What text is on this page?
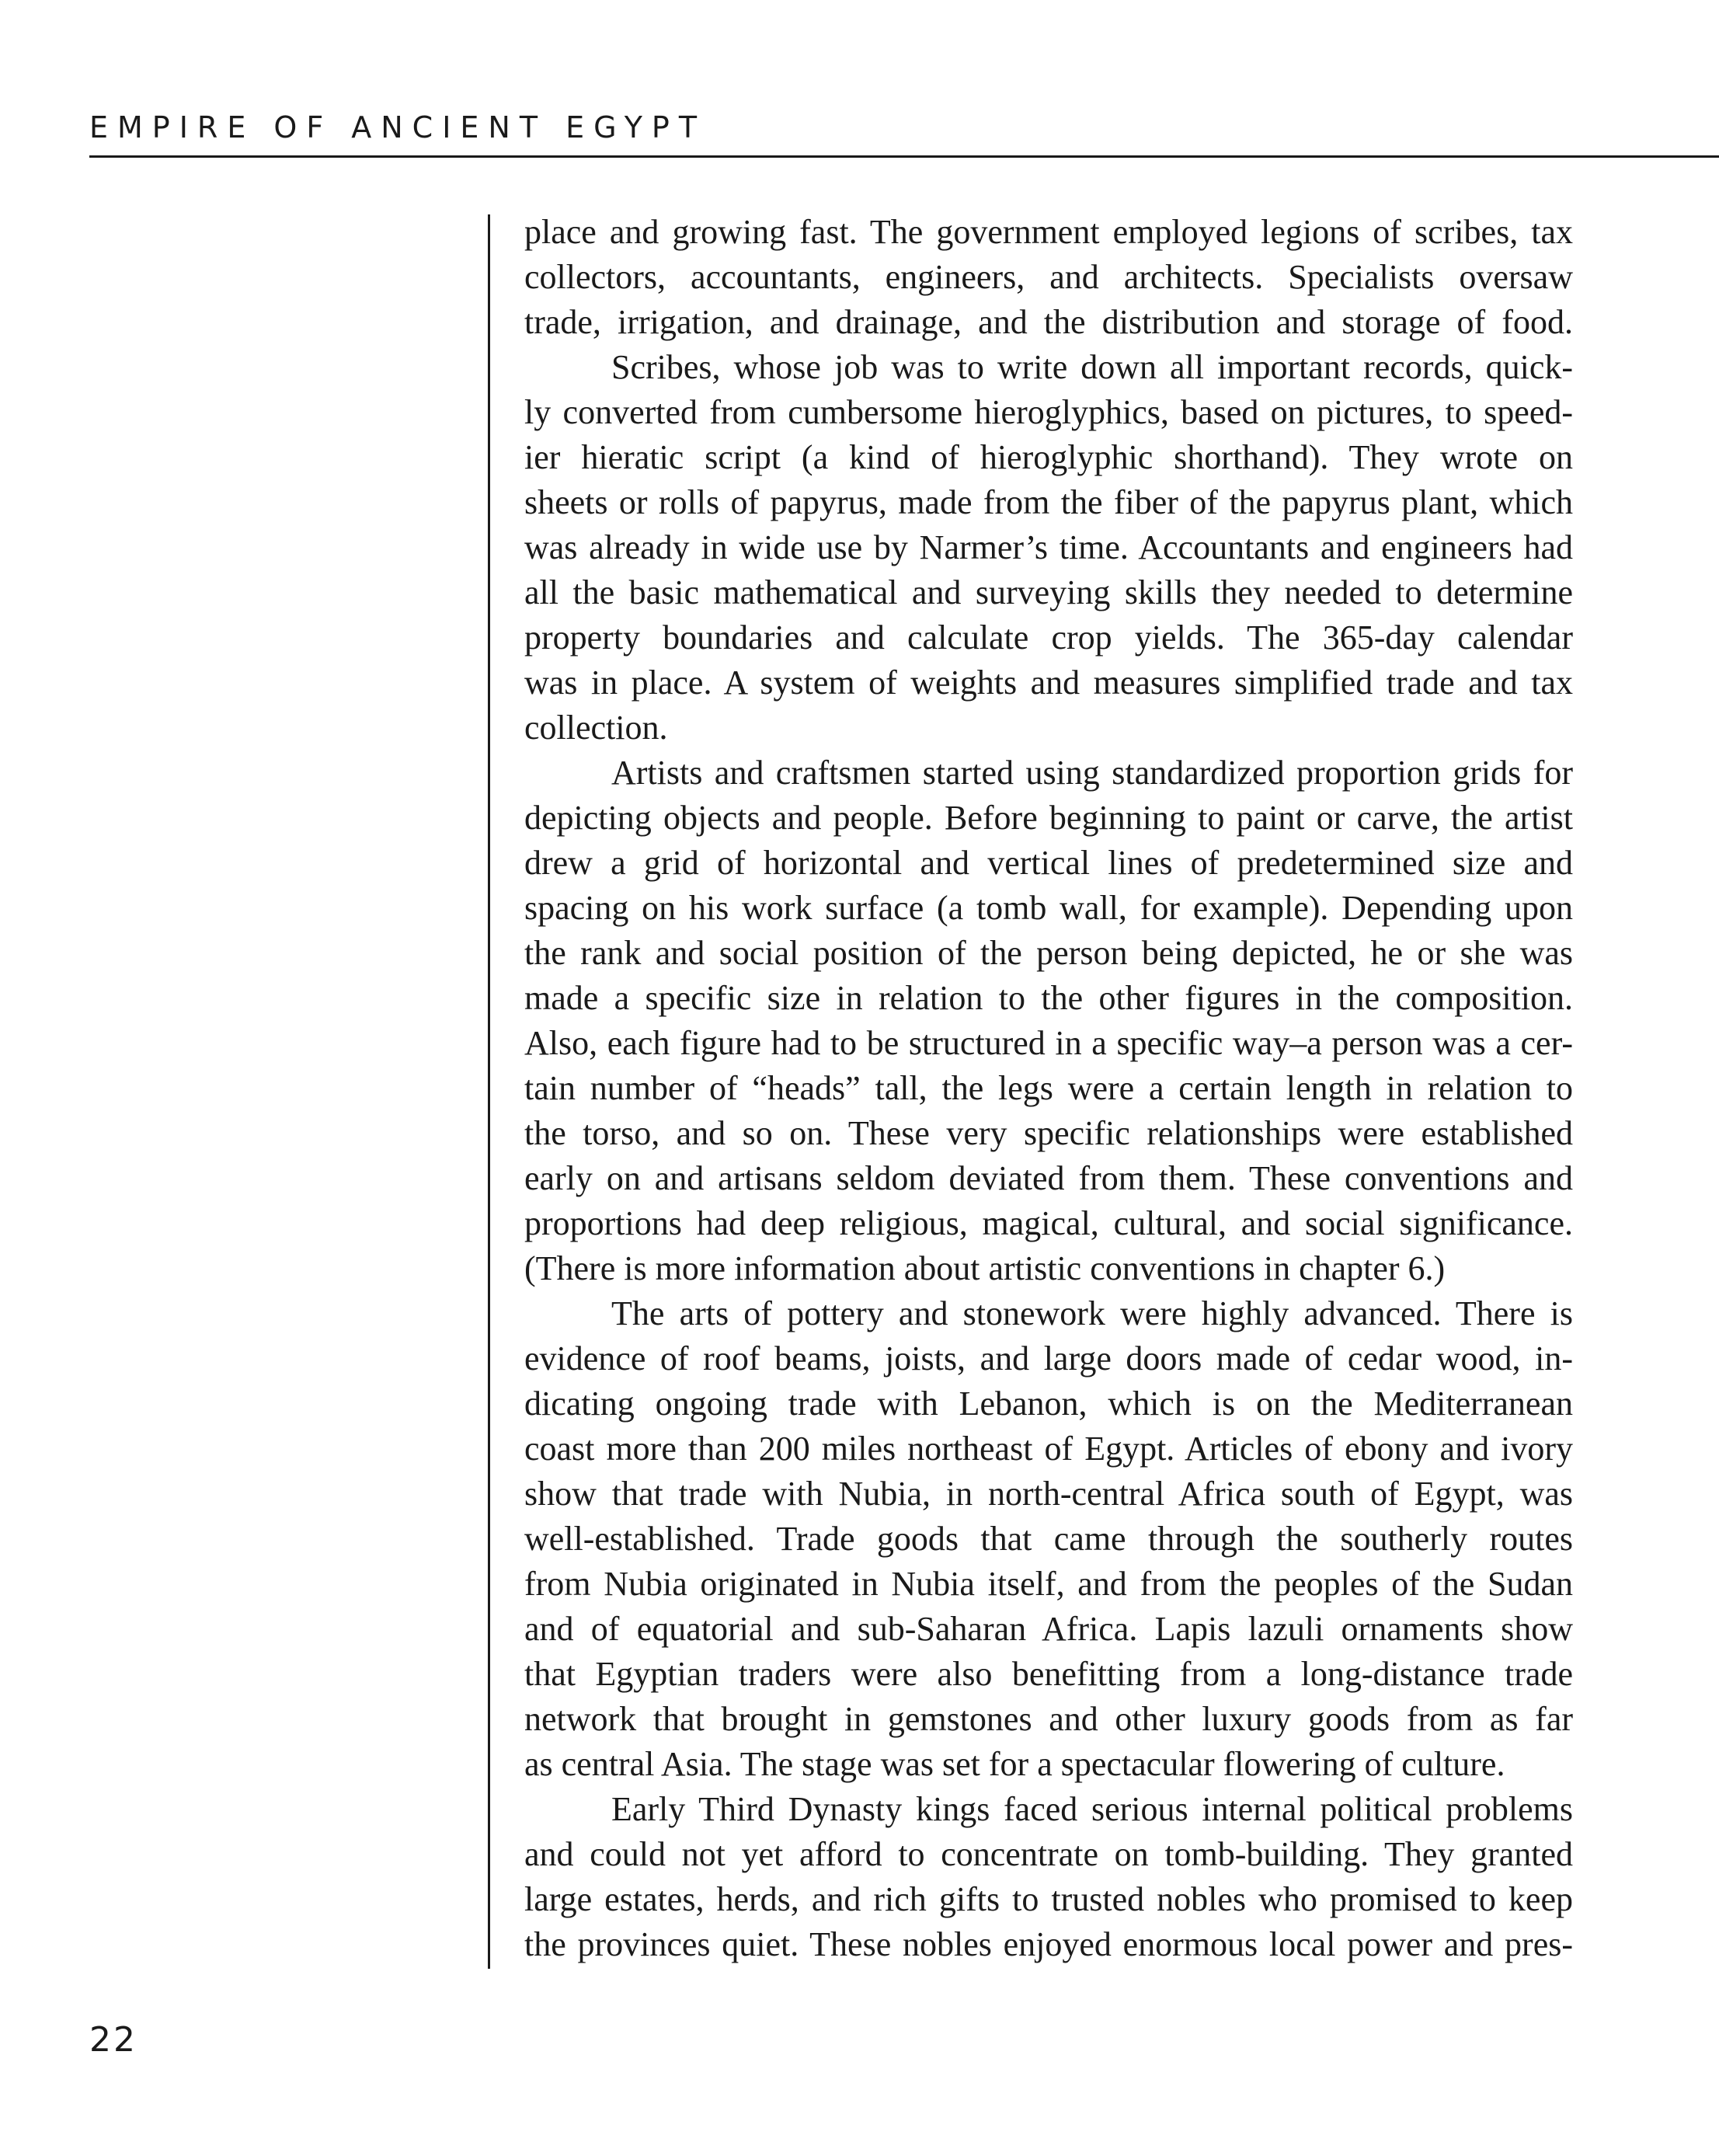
EMPIRE OF ANCIENT EGYPT
place and growing fast. The government employed legions of scribes, tax
collectors, accountants, engineers, and architects. Specialists oversaw
trade, irrigation, and drainage, and the distribution and storage of food.
Scribes, whose job was to write down all important records, quick-
ly converted from cumbersome hieroglyphics, based on pictures, to speed-
ier hieratic script (a kind of hieroglyphic shorthand). They wrote on
sheets or rolls of papyrus, made from the fiber of the papyrus plant, which
was already in wide use by Narmer’s time. Accountants and engineers had
all the basic mathematical and surveying skills they needed to determine
property boundaries and calculate crop yields. The 365-day calendar
was in place. A system of weights and measures simplified trade and tax
collection.
Artists and craftsmen started using standardized proportion grids for
depicting objects and people. Before beginning to paint or carve, the artist
drew a grid of horizontal and vertical lines of predetermined size and
spacing on his work surface (a tomb wall, for example). Depending upon
the rank and social position of the person being depicted, he or she was
made a specific size in relation to the other figures in the composition.
Also, each figure had to be structured in a specific way–a person was a cer-
tain number of “heads” tall, the legs were a certain length in relation to
the torso, and so on. These very specific relationships were established
early on and artisans seldom deviated from them. These conventions and
proportions had deep religious, magical, cultural, and social significance.
(There is more information about artistic conventions in chapter 6.)
The arts of pottery and stonework were highly advanced. There is
evidence of roof beams, joists, and large doors made of cedar wood, in-
dicating ongoing trade with Lebanon, which is on the Mediterranean
coast more than 200 miles northeast of Egypt. Articles of ebony and ivory
show that trade with Nubia, in north-central Africa south of Egypt, was
well-established. Trade goods that came through the southerly routes
from Nubia originated in Nubia itself, and from the peoples of the Sudan
and of equatorial and sub-Saharan Africa. Lapis lazuli ornaments show
that Egyptian traders were also benefitting from a long-distance trade
network that brought in gemstones and other luxury goods from as far
as central Asia. The stage was set for a spectacular flowering of culture.
Early Third Dynasty kings faced serious internal political problems
and could not yet afford to concentrate on tomb-building. They granted
large estates, herds, and rich gifts to trusted nobles who promised to keep
the provinces quiet. These nobles enjoyed enormous local power and pres-
22
